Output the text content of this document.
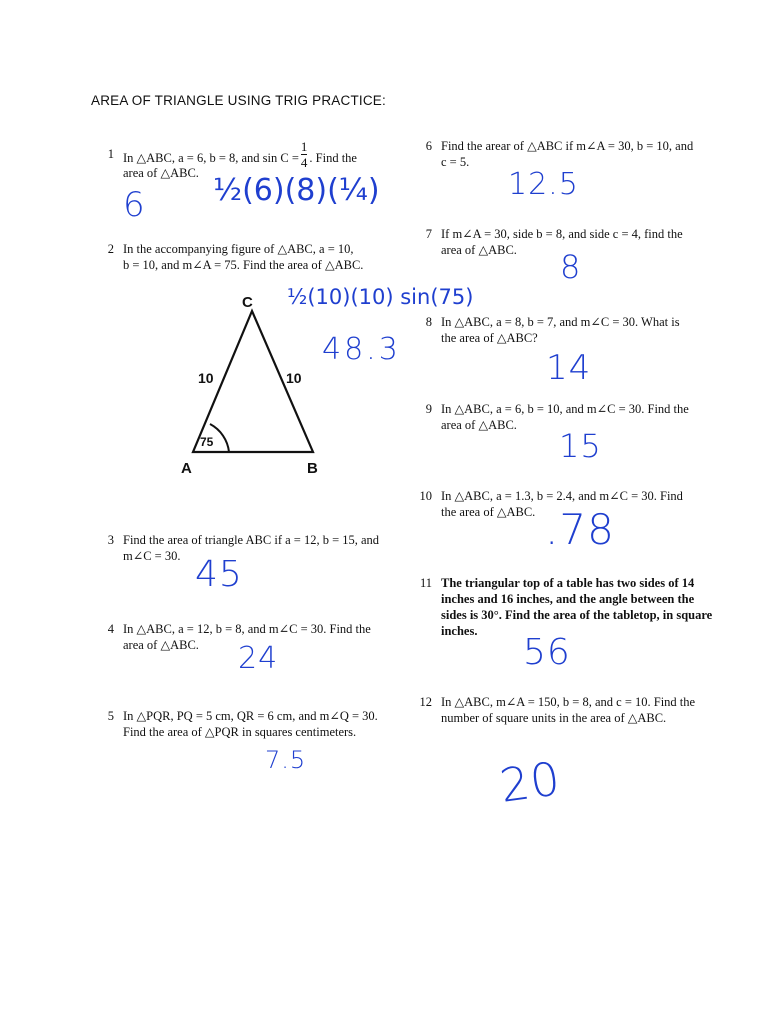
AREA OF TRIANGLE USING TRIG PRACTICE:
1 In △ABC, a = 6, b = 8, and $\sin C = \frac{1}{4}$ . Find the
area of △ABC. ½(6)(8)(¼)
6
2 In the accompanying figure of △ABC, a = 10,
b = 10, and m∠A = 75. Find the area of △ABC.
½(10)(10) sin(75)
48.3
C
A	B
10	10
75
3 Find the area of triangle ABC if a = 12, b = 15, and
m∠C = 30. 45
4 In △ABC, a = 12, b = 8, and m∠C = 30. Find the
area of △ABC.	24
5 In △PQR, PQ = 5 cm, QR = 6 cm, and m∠Q = 30.
Find the area of △PQR in squares centimeters.
7.5
6 Find the arear of △ABC if m∠A = 30, b = 10, and
c = 5.
12.5
7 If m∠A = 30, side b = 8, and side c = 4, find the
area of △ABC.	8
8 In △ABC, a = 8, b = 7, and m∠C = 30. What is
the area of △ABC?
14
9 In △ABC, a = 6, b = 10, and m∠C = 30. Find the
area of △ABC.
15
10 In △ABC, a = 1.3, b = 2.4, and m∠C = 30. Find
the area of △ABC. .78
11 The triangular top of a table has two sides of 14
inches and 16 inches, and the angle between the
sides is 30°. Find the area of the tabletop, in square
inches.
56
12 In △ABC, m∠A = 150, b = 8, and c = 10. Find the
number of square units in the area of △ABC.
20
